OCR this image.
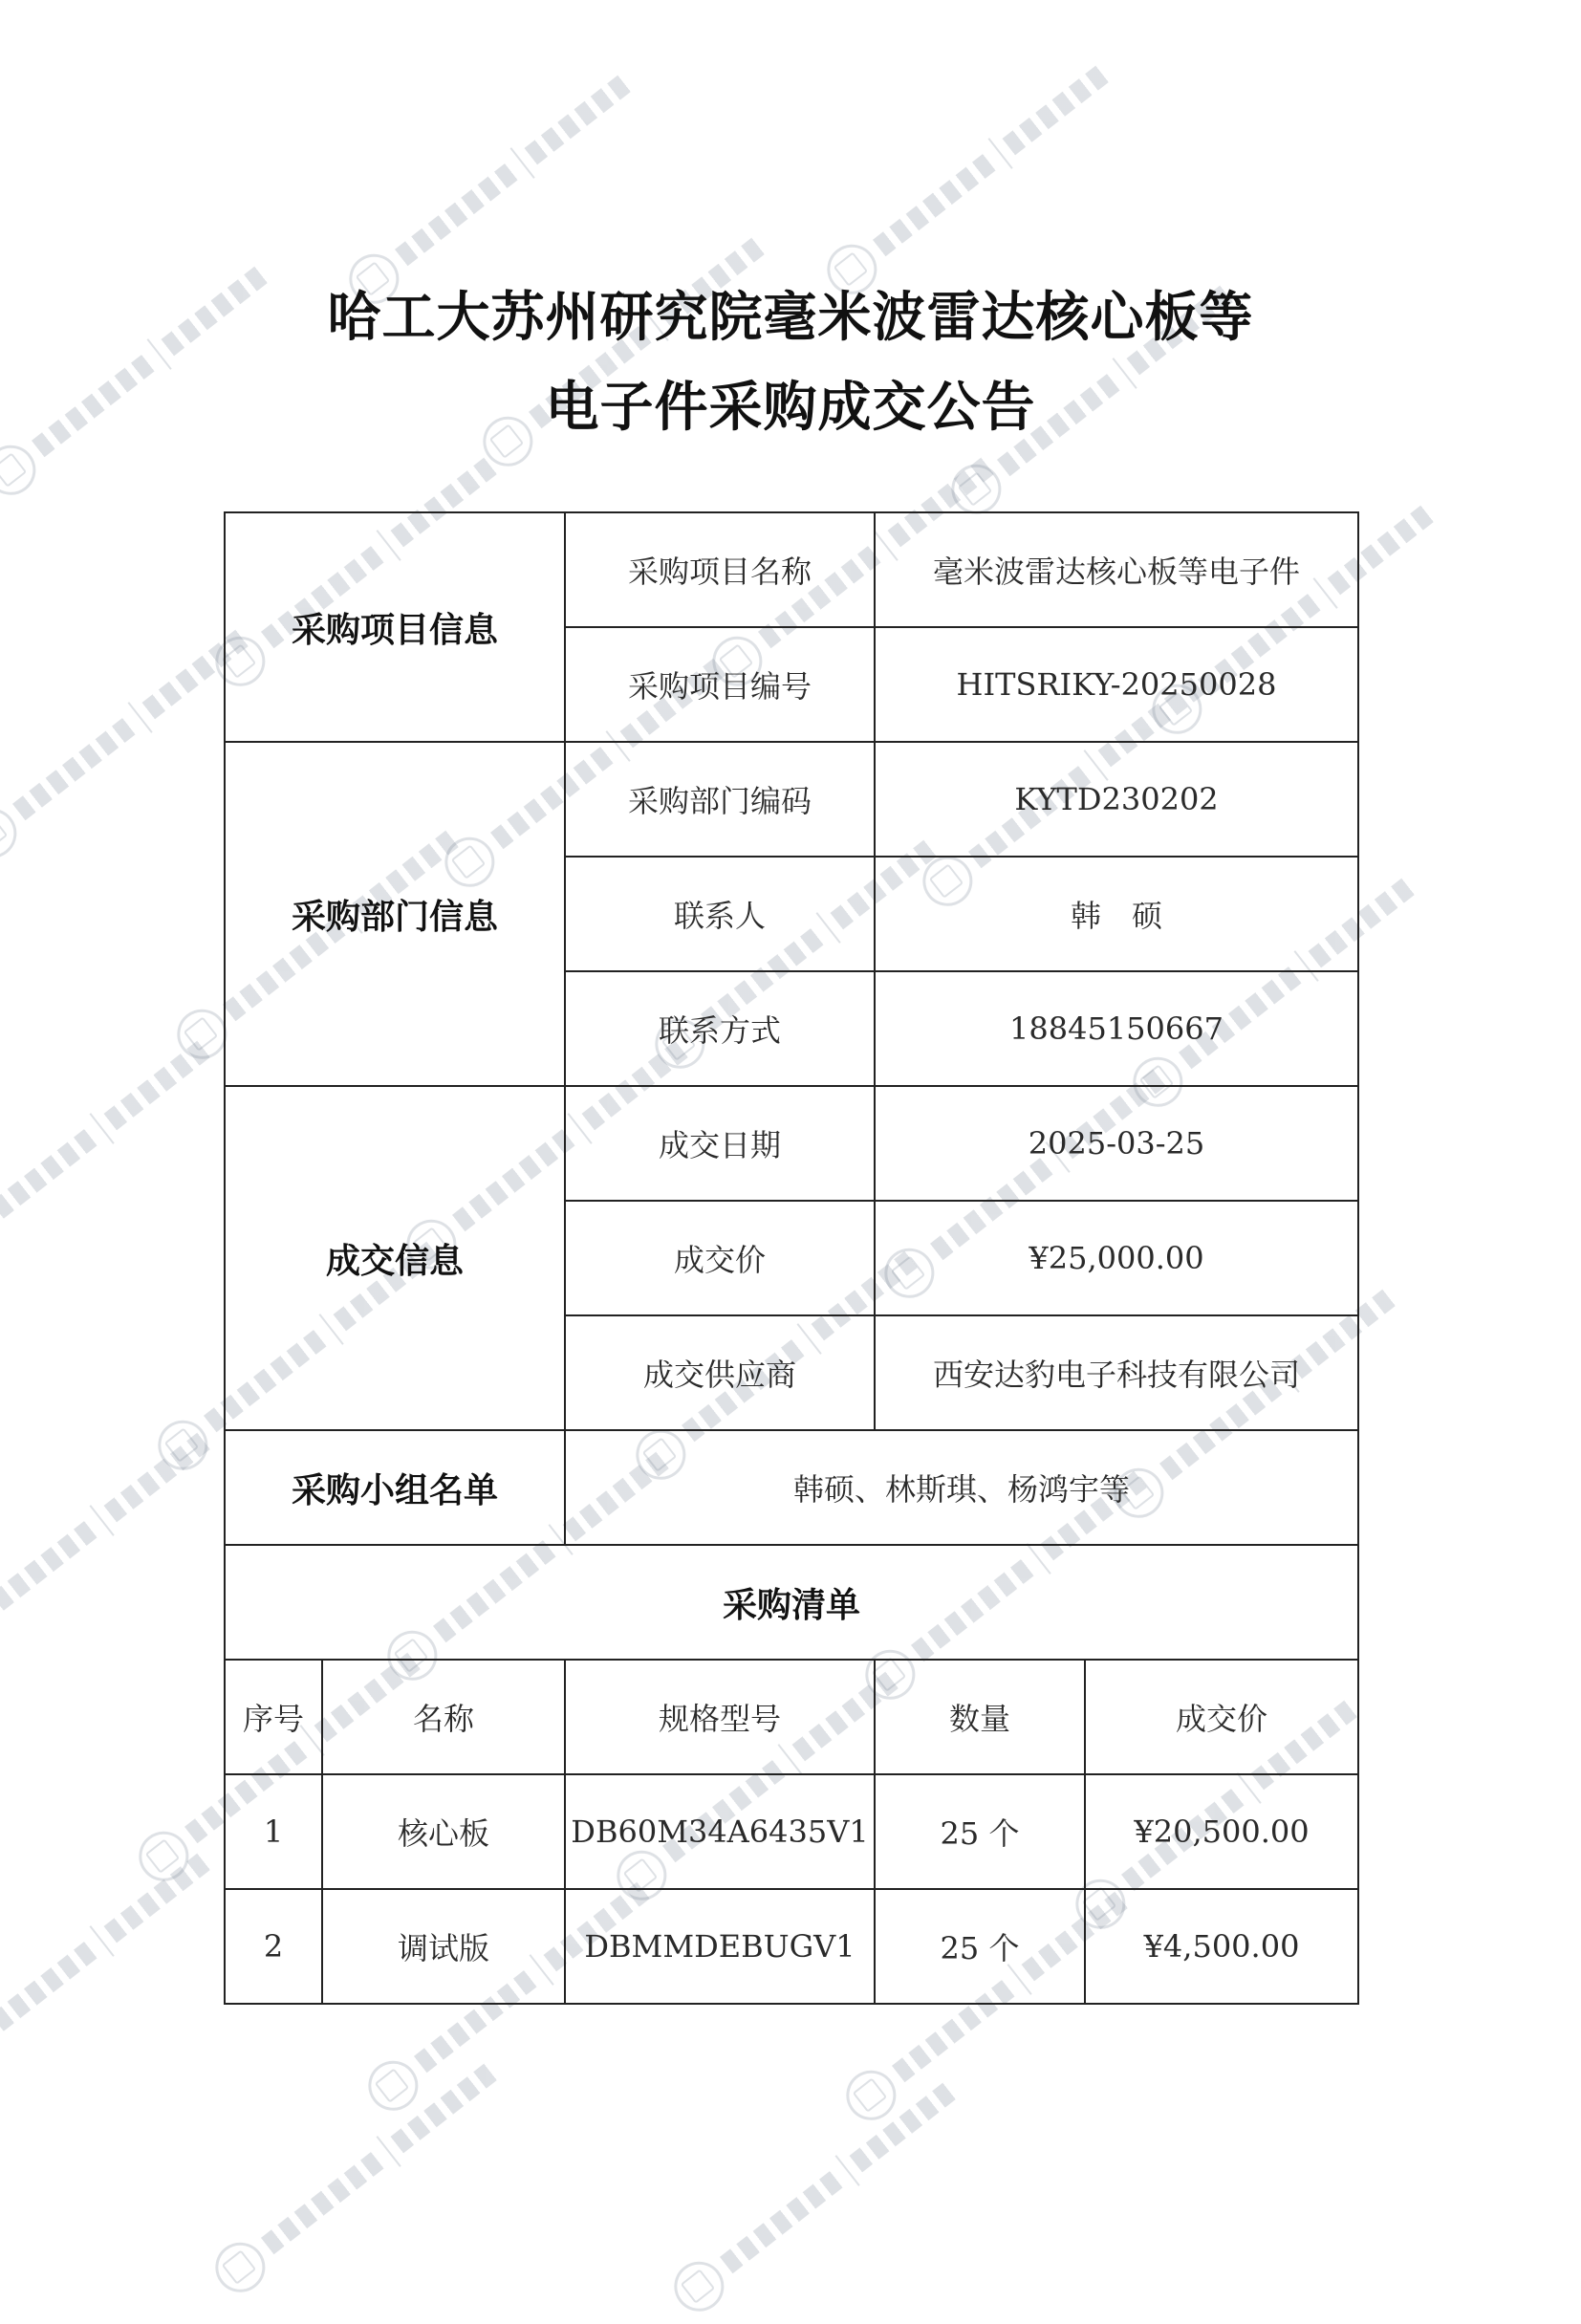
哈工大苏州研究院毫米波雷达核心板等
电子件采购成交公告
采购项目信息		采购项目名称	毫米波雷达核心板等电子件	
		采购项目编号	HITSRIKY-20250028	
采购部门信息		采购部门编码	KYTD230202	
		联系人	韩　硕	
		联系方式	18845150667	
成交信息		成交日期	2025-03-25	
		成交价	¥25,000.00	
		成交供应商	西安达豹电子科技有限公司	
采购小组名单		韩硕、林斯琪、杨鸿宇等		
采购清单				
序号	名称	规格型号	数量	成交价
1	核心板	DB60M34A6435V1	25 个	¥20,500.00
2	调试版	DBMMDEBUGV1	25 个	¥4,500.00
